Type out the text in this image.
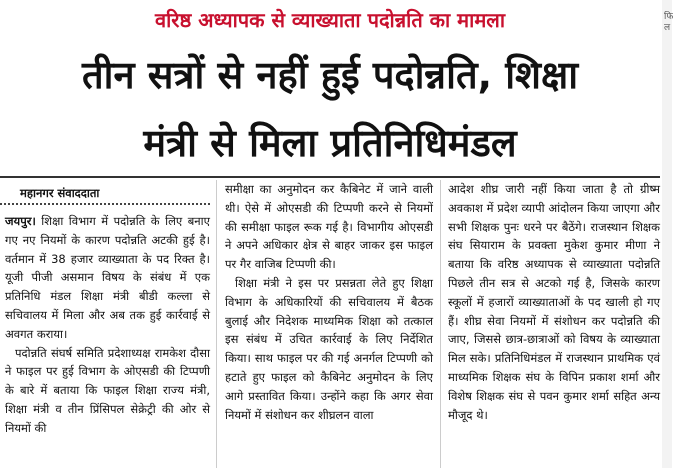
वरिष्ठ अध्यापक से व्याख्याता पदोन्नति का मामला
तीन सत्रों से नहीं हुई पदोन्नति, शिक्षा
मंत्री से मिला प्रतिनिधिमंडल
महानगर संवाददाता

जयपुर। शिक्षा विभाग में पदोन्नति के लिए बनाए गए नए नियमों के कारण पदोन्नति अटकी हुई है। वर्तमान में 38 हजार व्याख्याता के पद रिक्त है। यूजी पीजी असमान विषय के संबंध में एक प्रतिनिधि मंडल शिक्षा मंत्री बीडी कल्ला से सचिवालय में मिला और अब तक हुई कार्रवाई से अवगत कराया।

पदोन्नति संघर्ष समिति प्रदेशाध्यक्ष रामकेश दौसा ने फाइल पर हुई विभाग के ओएसडी की टिप्पणी के बारे में बताया कि फाइल शिक्षा राज्य मंत्री, शिक्षा मंत्री व तीन प्रिंसिपल सेक्रेट्री की ओर से नियमों की

समीक्षा का अनुमोदन कर कैबिनेट में जाने वाली थी। ऐसे में ओएसडी की टिप्पणी करने से नियमों की समीक्षा फाइल रूक गई है। विभागीय ओएसडी ने अपने अधिकार क्षेत्र से बाहर जाकर इस फाइल पर गैर वाजिब टिप्पणी की।

शिक्षा मंत्री ने इस पर प्रसन्नता लेते हुए शिक्षा विभाग के अधिकारियों की सचिवालय में बैठक बुलाई और निदेशक माध्यमिक शिक्षा को तत्काल इस संबंध में उचित कार्रवाई के लिए निर्देशित किया। साथ फाइल पर की गई अनर्गल टिप्पणी को हटाते हुए फाइल को कैबिनेट अनुमोदन के लिए आगे प्रस्तावित किया। उन्होंने कहा कि अगर सेवा नियमों में संशोधन कर शीघ्रलन वाला

आदेश शीघ्र जारी नहीं किया जाता है तो ग्रीष्म अवकाश में प्रदेश व्यापी आंदोलन किया जाएगा और सभी शिक्षक पुनः धरने पर बैठेंगे। राजस्थान शिक्षक संघ सियाराम के प्रवक्ता मुकेश कुमार मीणा ने बताया कि वरिष्ठ अध्यापक से व्याख्याता पदोन्नति पिछले तीन सत्र से अटको गई है, जिसके कारण स्कूलों में हजारों व्याख्याताओं के पद खाली हो गए हैं। शीघ्र सेवा नियमों में संशोधन कर पदोन्नति की जाए, जिससे छात्र-छात्राओं को विषय के व्याख्याता मिल सके। प्रतिनिधिमंडल में राजस्थान प्राथमिक एवं माध्यमिक शिक्षक संघ के विपिन प्रकाश शर्मा और विशेष शिक्षक संघ से पवन कुमार शर्मा सहित अन्य मौजूद थे।

फिल
